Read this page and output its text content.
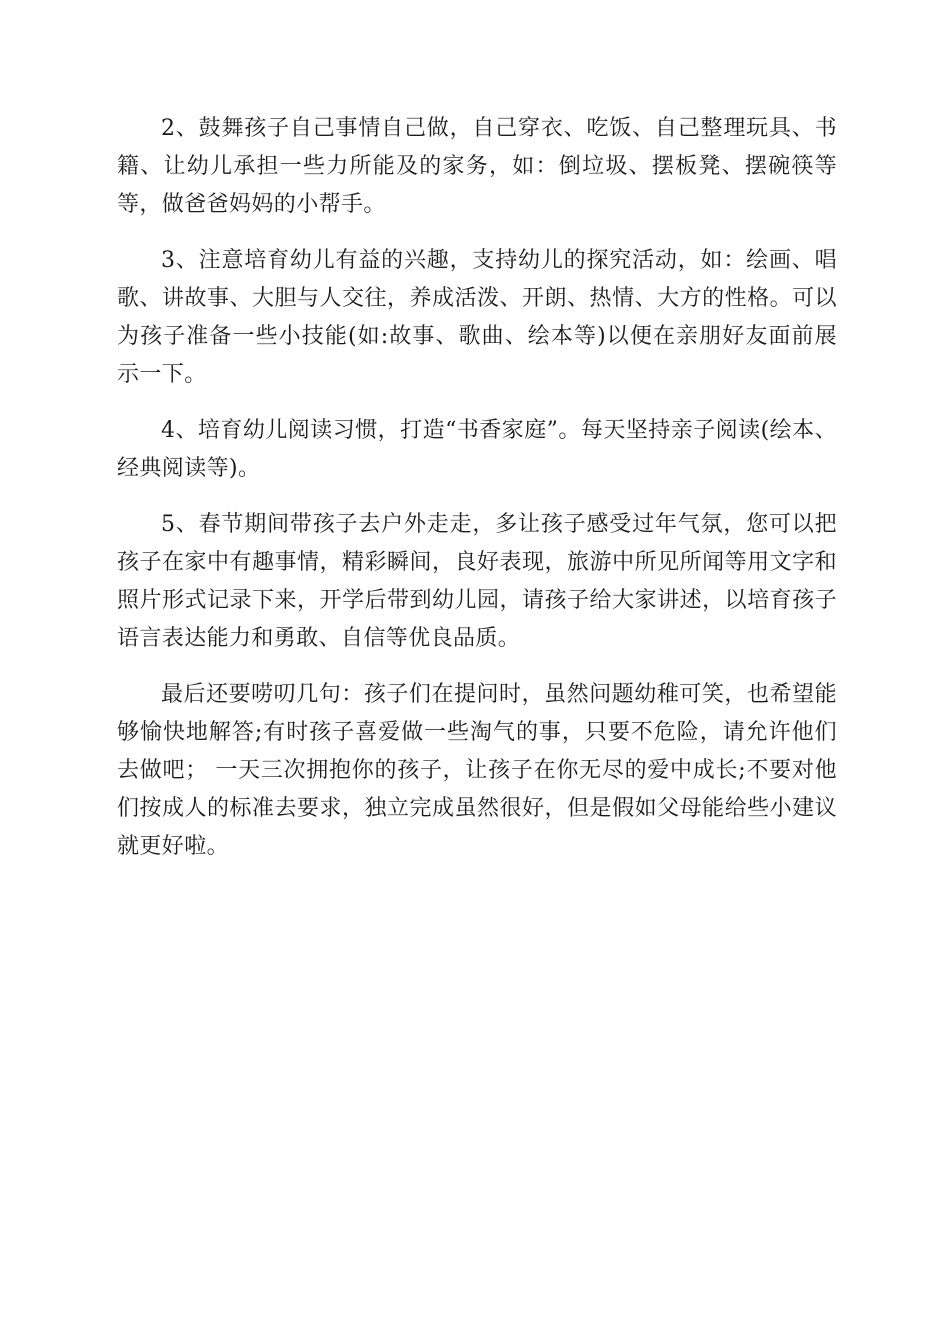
2、鼓舞孩子自己事情自己做，自己穿衣、吃饭、自己整理玩具、书籍、让幼儿承担一些力所能及的家务，如：倒垃圾、摆板凳、摆碗筷等等，做爸爸妈妈的小帮手。

3、注意培育幼儿有益的兴趣，支持幼儿的探究活动，如：绘画、唱歌、讲故事、大胆与人交往，养成活泼、开朗、热情、大方的性格。可以为孩子准备一些小技能(如:故事、歌曲、绘本等)以便在亲朋好友面前展示一下。

4、培育幼儿阅读习惯，打造“书香家庭”。每天坚持亲子阅读(绘本、经典阅读等)。

5、春节期间带孩子去户外走走，多让孩子感受过年气氛，您可以把孩子在家中有趣事情，精彩瞬间，良好表现，旅游中所见所闻等用文字和照片形式记录下来，开学后带到幼儿园，请孩子给大家讲述，以培育孩子语言表达能力和勇敢、自信等优良品质。

最后还要唠叨几句：孩子们在提问时，虽然问题幼稚可笑，也希望能够愉快地解答;有时孩子喜爱做一些淘气的事，只要不危险，请允许他们去做吧； 一天三次拥抱你的孩子，让孩子在你无尽的爱中成长;不要对他们按成人的标准去要求，独立完成虽然很好，但是假如父母能给些小建议就更好啦。
